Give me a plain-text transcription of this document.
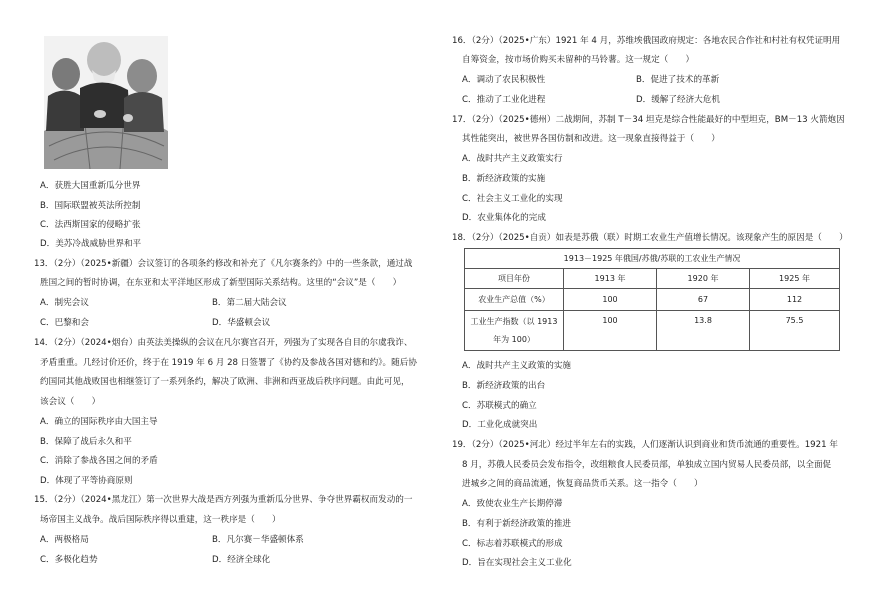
A．获胜大国重新瓜分世界
B．国际联盟被英法所控制
C．法西斯国家的侵略扩张
D．美苏冷战威胁世界和平
13．（2分）（2025•新疆）会议签订的各项条约修改和补充了《凡尔赛条约》中的一些条款，通过战
胜国之间的暂时协调，在东亚和太平洋地区形成了新型国际关系结构。这里的“会议”是（　　）
A．制宪会议	B．第二届大陆会议
C．巴黎和会	D．华盛顿会议
14．（2分）（2024•烟台）由英法美操纵的会议在凡尔赛宫召开，列强为了实现各自目的尔虞我诈、
矛盾重重。几经讨价还价，终于在 1919 年 6 月 28 日签署了《协约及参战各国对德和约》。随后协
约国同其他战败国也相继签订了一系列条约，解决了欧洲、非洲和西亚战后秩序问题。由此可见，
该会议（　　）
A．确立的国际秩序由大国主导
B．保障了战后永久和平
C．消除了参战各国之间的矛盾
D．体现了平等协商原则
15．（2分）（2024•黑龙江）第一次世界大战是西方列强为重新瓜分世界、争夺世界霸权而发动的一
场帝国主义战争。战后国际秩序得以重建，这一秩序是（　　）
A．两极格局	B．凡尔赛－华盛顿体系
C．多极化趋势	D．经济全球化
16．（2分）（2025•广东）1921 年 4 月，苏维埃俄国政府规定：各地农民合作社和村社有权凭证明用
自筹资金，按市场价购买未留种的马铃薯。这一规定（　　）
A．调动了农民积极性	B．促进了技术的革新
C．推动了工业化进程	D．缓解了经济大危机
17．（2分）（2025•德州）二战期间，苏制 T－34 坦克是综合性能最好的中型坦克，BM－13 火箭炮因
其性能突出，被世界各国仿制和改进。这一现象直接得益于（　　）
A．战时共产主义政策实行
B．新经济政策的实施
C．社会主义工业化的实现
D．农业集体化的完成
18．（2分）（2025•自贡）如表是苏俄（联）时期工农业生产值增长情况。该现象产生的原因是（　　）
1913－1925 年俄国/苏俄/苏联的工农业生产情况			
项目年份	1913 年	1920 年	1925 年
农业生产总值（%）	100	67	112
工业生产指数（以 1913 年为 100）	100	13.8	75.5
A．战时共产主义政策的实施
B．新经济政策的出台
C．苏联模式的确立
D．工业化成就突出
19．（2分）（2025•河北）经过半年左右的实践，人们逐渐认识到商业和货币流通的重要性。1921 年
8 月，苏俄人民委员会发布指令，改组粮食人民委员部，单独成立国内贸易人民委员部，以全面促
进城乡之间的商品流通，恢复商品货币关系。这一指令（　　）
A．致使农业生产长期停滞
B．有利于新经济政策的推进
C．标志着苏联模式的形成
D．旨在实现社会主义工业化
